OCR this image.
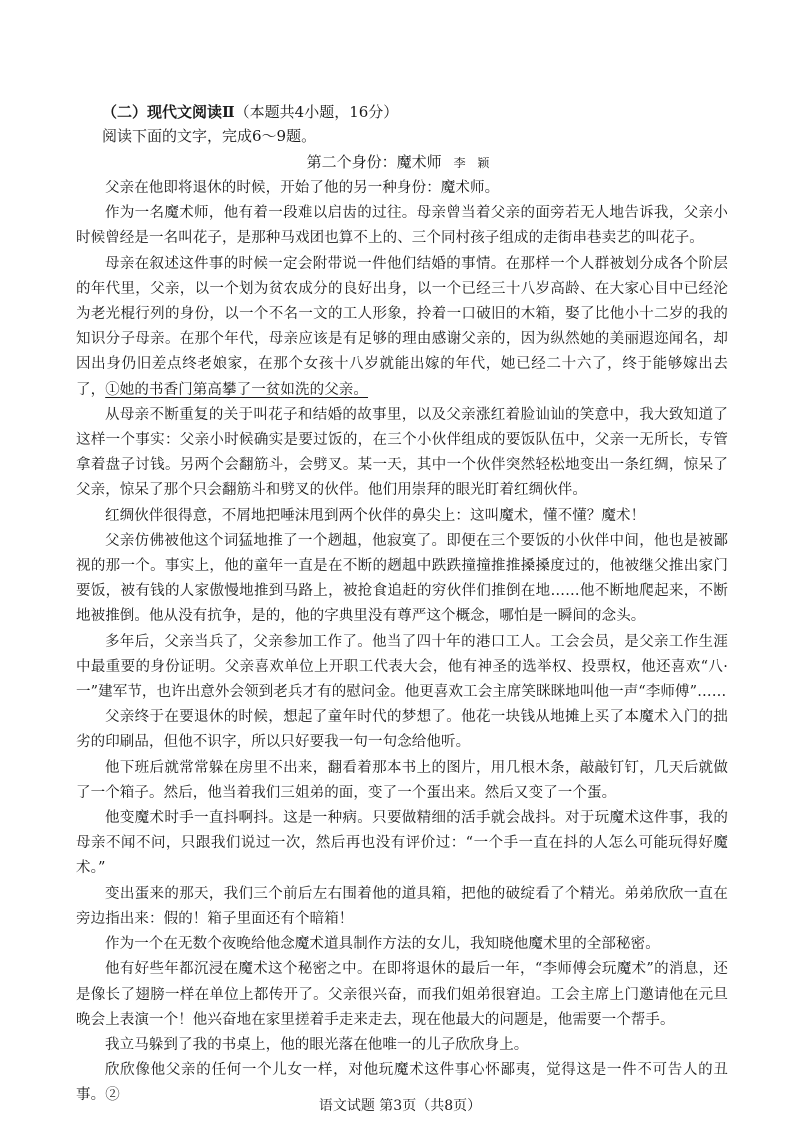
（二）现代文阅读Ⅱ（本题共4小题，16分）
阅读下面的文字，完成6～9题。
第二个身份：魔术师 李 颖

父亲在他即将退休的时候，开始了他的另一种身份：魔术师。

作为一名魔术师，他有着一段难以启齿的过往。母亲曾当着父亲的面旁若无人地告诉我，父亲小时候曾经是一名叫花子，是那种马戏团也算不上的、三个同村孩子组成的走街串巷卖艺的叫花子。

母亲在叙述这件事的时候一定会附带说一件他们结婚的事情。在那样一个人群被划分成各个阶层的年代里，父亲，以一个划为贫农成分的良好出身，以一个已经三十八岁高龄、在大家心目中已经沦为老光棍行列的身份，以一个不名一文的工人形象，拎着一口破旧的木箱，娶了比他小十二岁的我的知识分子母亲。在那个年代，母亲应该是有足够的理由感谢父亲的，因为纵然她的美丽遐迩闻名，却因出身仍旧差点终老娘家，在那个女孩十八岁就能出嫁的年代，她已经二十六了，终于能够嫁出去了，①她的书香门第高攀了一贫如洗的父亲。

从母亲不断重复的关于叫花子和结婚的故事里，以及父亲涨红着脸讪讪的笑意中，我大致知道了这样一个事实：父亲小时候确实是要过饭的，在三个小伙伴组成的要饭队伍中，父亲一无所长，专管拿着盘子讨钱。另两个会翻筋斗，会劈叉。某一天，其中一个伙伴突然轻松地变出一条红绸，惊呆了父亲，惊呆了那个只会翻筋斗和劈叉的伙伴。他们用崇拜的眼光盯着红绸伙伴。

红绸伙伴很得意，不屑地把唾沫甩到两个伙伴的鼻尖上：这叫魔术，懂不懂？魔术！

父亲仿佛被他这个词猛地推了一个趔趄，他寂寞了。即便在三个要饭的小伙伴中间，他也是被鄙视的那一个。事实上，他的童年一直是在不断的趔趄中跌跌撞撞推推搡搡度过的，他被继父推出家门要饭，被有钱的人家傲慢地推到马路上，被抢食追赶的穷伙伴们推倒在地……他不断地爬起来，不断地被推倒。他从没有抗争，是的，他的字典里没有尊严这个概念，哪怕是一瞬间的念头。

多年后，父亲当兵了，父亲参加工作了。他当了四十年的港口工人。工会会员，是父亲工作生涯中最重要的身份证明。父亲喜欢单位上开职工代表大会，他有神圣的选举权、投票权，他还喜欢“八·一”建军节，也许出意外会领到老兵才有的慰问金。他更喜欢工会主席笑眯眯地叫他一声“李师傅”……

父亲终于在要退休的时候，想起了童年时代的梦想了。他花一块钱从地摊上买了本魔术入门的拙劣的印刷品，但他不识字，所以只好要我一句一句念给他听。

他下班后就常常躲在房里不出来，翻看着那本书上的图片，用几根木条，敲敲钉钉，几天后就做了一个箱子。然后，他当着我们三姐弟的面，变了一个蛋出来。然后又变了一个蛋。

他变魔术时手一直抖啊抖。这是一种病。只要做精细的活手就会战抖。对于玩魔术这件事，我的母亲不闻不问，只跟我们说过一次，然后再也没有评价过：“一个手一直在抖的人怎么可能玩得好魔术。”

变出蛋来的那天，我们三个前后左右围着他的道具箱，把他的破绽看了个精光。弟弟欣欣一直在旁边指出来：假的！箱子里面还有个暗箱！

作为一个在无数个夜晚给他念魔术道具制作方法的女儿，我知晓他魔术里的全部秘密。

他有好些年都沉浸在魔术这个秘密之中。在即将退休的最后一年，“李师傅会玩魔术”的消息，还是像长了翅膀一样在单位上都传开了。父亲很兴奋，而我们姐弟很窘迫。工会主席上门邀请他在元旦晚会上表演一个！他兴奋地在家里搓着手走来走去，现在他最大的问题是，他需要一个帮手。

我立马躲到了我的书桌上，他的眼光落在他唯一的儿子欣欣身上。

欣欣像他父亲的任何一个儿女一样，对他玩魔术这件事心怀鄙夷，觉得这是一件不可告人的丑事。②

语文试题 第3页（共8页）
